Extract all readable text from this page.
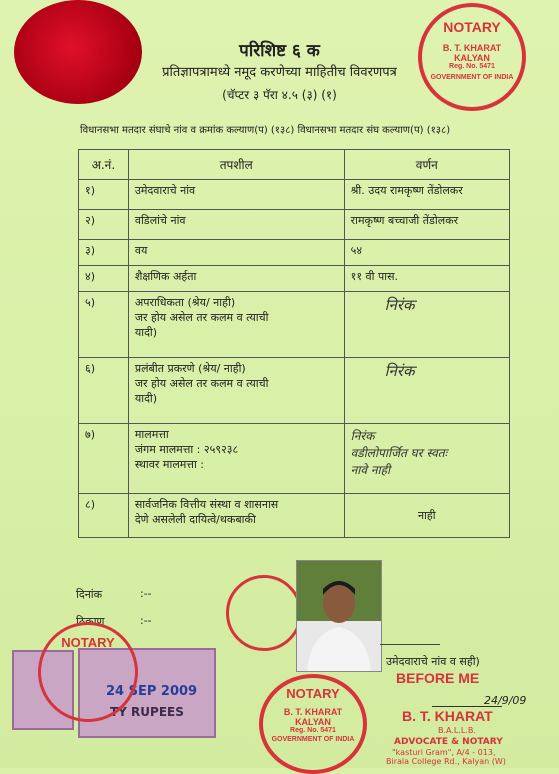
NOTARY
B. T. KHARAT
KALYAN
Reg. No. 5471
GOVERNMENT OF INDIA
परिशिष्ट ६ क
प्रतिज्ञापत्रामध्ये नमूद करणेच्या माहितीच विवरणपत्र
(चॅप्टर ३ पॅरा ४.५ (३) (१)
विधानसभा मतदार संघाचे नांव व क्रमांक कल्याण(प) (१३८) विधानसभा मतदार संघ कल्याण(प) (१३८)
अ.नं.	तपशील	वर्णन
१)	उमेदवाराचे नांव	श्री. उदय रामकृष्ण तेंडोलकर
२)	वडिलांचे नांव	रामकृष्ण बच्चाजी तेंडोलकर
३)	वय	५४
४)	शैक्षणिक अर्हता	११ वी पास.
५)	अपराधिकता (श्रेय/ नाही)
जर होय असेल तर कलम व त्याची
यादी)	निरंक
६)	प्रलंबीत प्रकरणे (श्रेय/ नाही)
जर होय असेल तर कलम व त्याची
यादी)	निरंक
७)	मालमत्ता
जंगम मालमत्ता : २५९२३८
स्थावर मालमत्ता :	निरंक
वडीलोपार्जित घर स्वतः
नावे नाही

८)	सार्वजनिक वित्तीय संस्था व शासनास
देणे असलेली दायित्वे/थकबाकी	नाही
दिनांक	:--
ठिकाण	:--
उमेदवाराचे नांव व सही)
24 SEP 2009
TY RUPEES
NOTARY
NOTARY
B. T. KHARAT
KALYAN
Reg. No. 5471
GOVERNMENT OF INDIA
BEFORE ME
24/9/09
B. T. KHARAT
B.A.L.L.B.
ADVOCATE & NOTARY
"kasturi Gram", A/4 - 013,
Birala College Rd., Kalyan (W)
